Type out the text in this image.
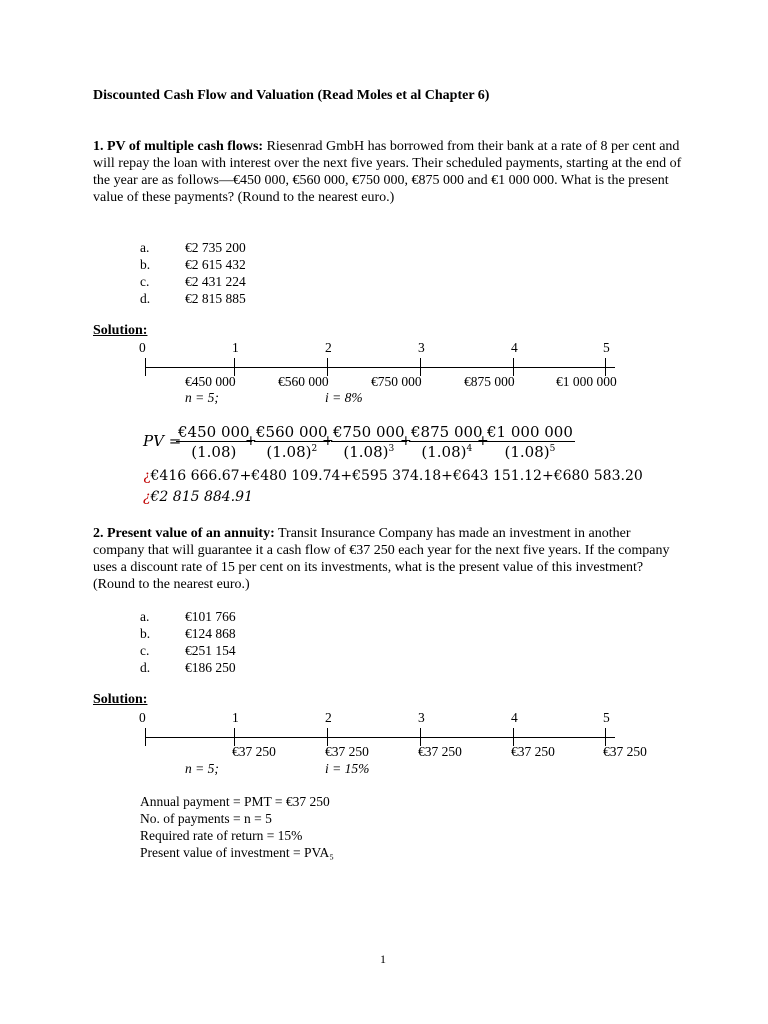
Discounted Cash Flow and Valuation (Read Moles et al Chapter 6)
1. PV of multiple cash flows: Riesenrad GmbH has borrowed from their bank at a rate of 8 per cent and will repay the loan with interest over the next five years. Their scheduled payments, starting at the end of the year are as follows—€450 000, €560 000, €750 000, €875 000 and €1 000 000. What is the present value of these payments? (Round to the nearest euro.)
a.	€2 735 200
b.	€2 615 432
c.	€2 431 224
d.	€2 815 885
Solution:
0	1	2	3	4	5
€450 000	€560 000	€750 000	€875 000	€1 000 000
n = 5;	i = 8%
PV =
$\frac{€450 000}{(1.08)}$
+
$\frac{€560 000}{(1.08)^2}$
+
$\frac{€750 000}{(1.08)^3}$
+
$\frac{€875 000}{(1.08)^4}$
+
$\frac{€1 000 000}{(1.08)^5}$
¿€416 666.67+€480 109.74+€595 374.18+€643 151.12+€680 583.20
¿€2 815 884.91
2. Present value of an annuity: Transit Insurance Company has made an investment in another company that will guarantee it a cash flow of €37 250 each year for the next five years. If the company uses a discount rate of 15 per cent on its investments, what is the present value of this investment? (Round to the nearest euro.)
a.	€101 766
b.	€124 868
c.	€251 154
d.	€186 250
Solution:
0	1	2	3	4	5
€37 250	€37 250	€37 250	€37 250	€37 250
n = 5;	i = 15%
Annual payment = PMT = €37 250
No. of payments = n = 5
Required rate of return = 15%
Present value of investment = PVA₅
1
